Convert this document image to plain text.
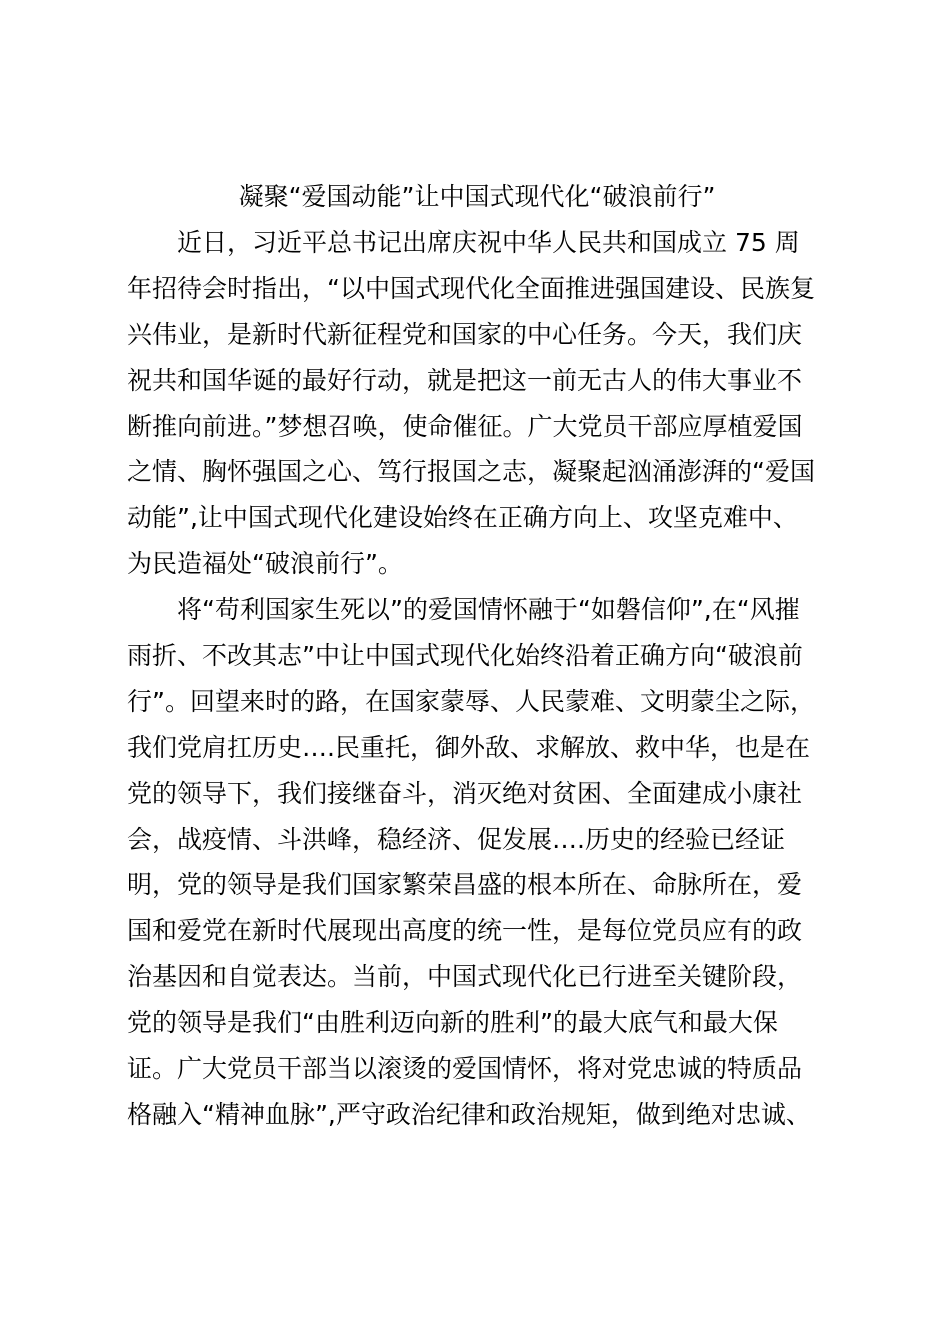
凝聚“爱国动能”让中国式现代化“破浪前行”

近日，习近平总书记出席庆祝中华人民共和国成立 75 周

年招待会时指出，“以中国式现代化全面推进强国建设、民族复

兴伟业，是新时代新征程党和国家的中心任务。今天，我们庆

祝共和国华诞的最好行动，就是把这一前无古人的伟大事业不

断推向前进。”梦想召唤，使命催征。广大党员干部应厚植爱国

之情、胸怀强国之心、笃行报国之志，凝聚起汹涌澎湃的“爱国

动能”,让中国式现代化建设始终在正确方向上、攻坚克难中、

为民造福处“破浪前行”。

将“苟利国家生死以”的爱国情怀融于“如磐信仰”,在“风摧

雨折、不改其志”中让中国式现代化始终沿着正确方向“破浪前

行”。回望来时的路，在国家蒙辱、人民蒙难、文明蒙尘之际，

我们党肩扛历史….民重托，御外敌、求解放、救中华，也是在

党的领导下，我们接继奋斗，消灭绝对贫困、全面建成小康社

会，战疫情、斗洪峰，稳经济、促发展….历史的经验已经证

明，党的领导是我们国家繁荣昌盛的根本所在、命脉所在，爱

国和爱党在新时代展现出高度的统一性，是每位党员应有的政

治基因和自觉表达。当前，中国式现代化已行进至关键阶段，

党的领导是我们“由胜利迈向新的胜利”的最大底气和最大保

证。广大党员干部当以滚烫的爱国情怀，将对党忠诚的特质品

格融入“精神血脉”,严守政治纪律和政治规矩，做到绝对忠诚、
